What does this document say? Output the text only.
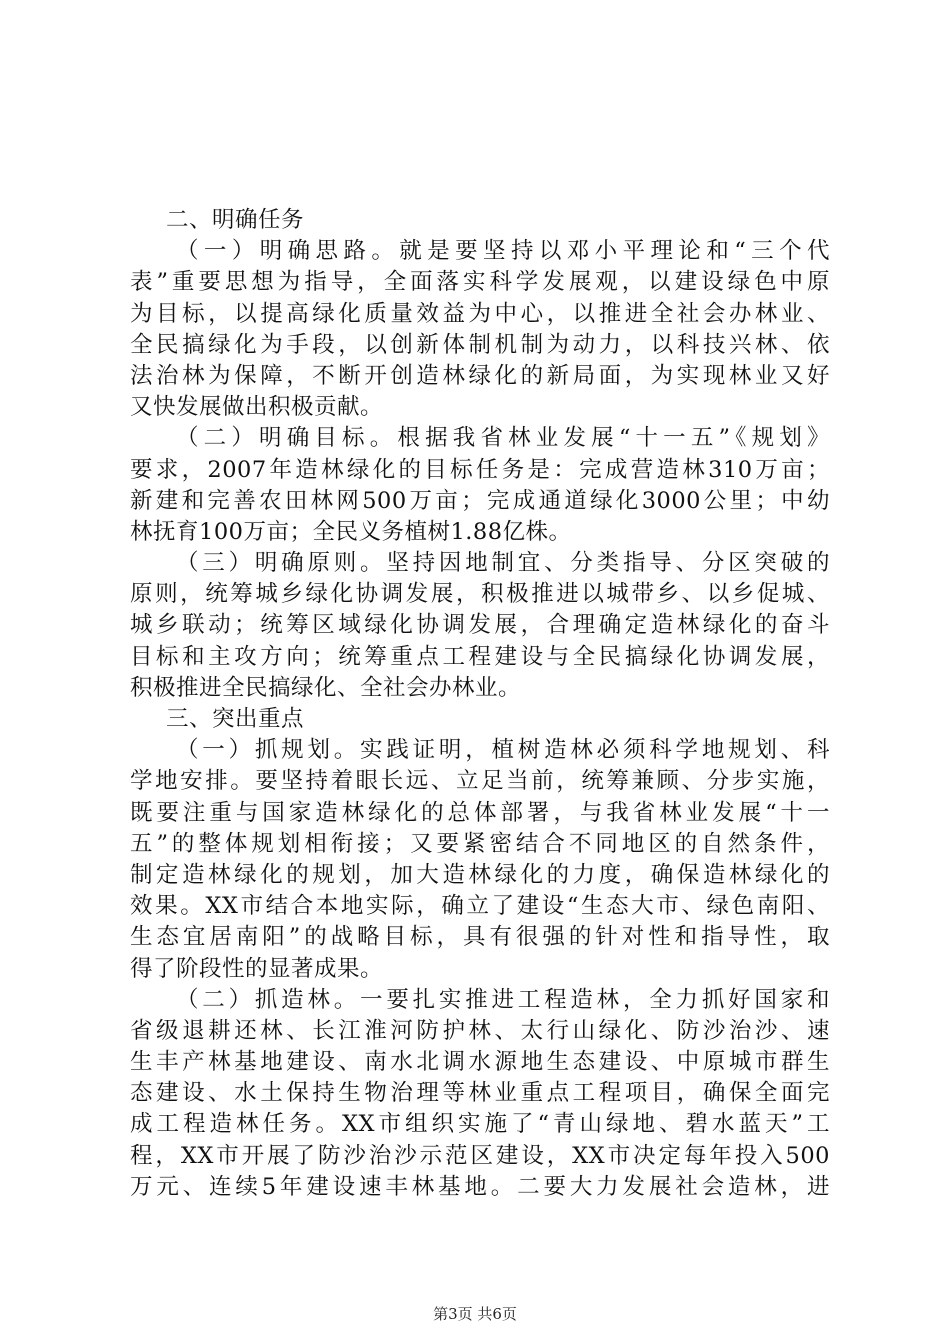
二、明确任务
（一）明确思路。就是要坚持以邓小平理论和“三个代
表”重要思想为指导，全面落实科学发展观，以建设绿色中原
为目标，以提高绿化质量效益为中心，以推进全社会办林业、
全民搞绿化为手段，以创新体制机制为动力，以科技兴林、依
法治林为保障，不断开创造林绿化的新局面，为实现林业又好
又快发展做出积极贡献。
（二）明确目标。根据我省林业发展“十一五”《规划》
要求，2007年造林绿化的目标任务是：完成营造林310万亩；
新建和完善农田林网500万亩；完成通道绿化3000公里；中幼
林抚育100万亩；全民义务植树1.88亿株。
（三）明确原则。坚持因地制宜、分类指导、分区突破的
原则，统筹城乡绿化协调发展，积极推进以城带乡、以乡促城、
城乡联动；统筹区域绿化协调发展，合理确定造林绿化的奋斗
目标和主攻方向；统筹重点工程建设与全民搞绿化协调发展，
积极推进全民搞绿化、全社会办林业。
三、突出重点
（一）抓规划。实践证明，植树造林必须科学地规划、科
学地安排。要坚持着眼长远、立足当前，统筹兼顾、分步实施，
既要注重与国家造林绿化的总体部署，与我省林业发展“十一
五”的整体规划相衔接；又要紧密结合不同地区的自然条件，
制定造林绿化的规划，加大造林绿化的力度，确保造林绿化的
效果。XX市结合本地实际，确立了建设“生态大市、绿色南阳、
生态宜居南阳”的战略目标，具有很强的针对性和指导性，取
得了阶段性的显著成果。
（二）抓造林。一要扎实推进工程造林，全力抓好国家和
省级退耕还林、长江淮河防护林、太行山绿化、防沙治沙、速
生丰产林基地建设、南水北调水源地生态建设、中原城市群生
态建设、水土保持生物治理等林业重点工程项目，确保全面完
成工程造林任务。XX市组织实施了“青山绿地、碧水蓝天”工
程，XX市开展了防沙治沙示范区建设，XX市决定每年投入500
万元、连续5年建设速丰林基地。二要大力发展社会造林，进
第3页 共6页
